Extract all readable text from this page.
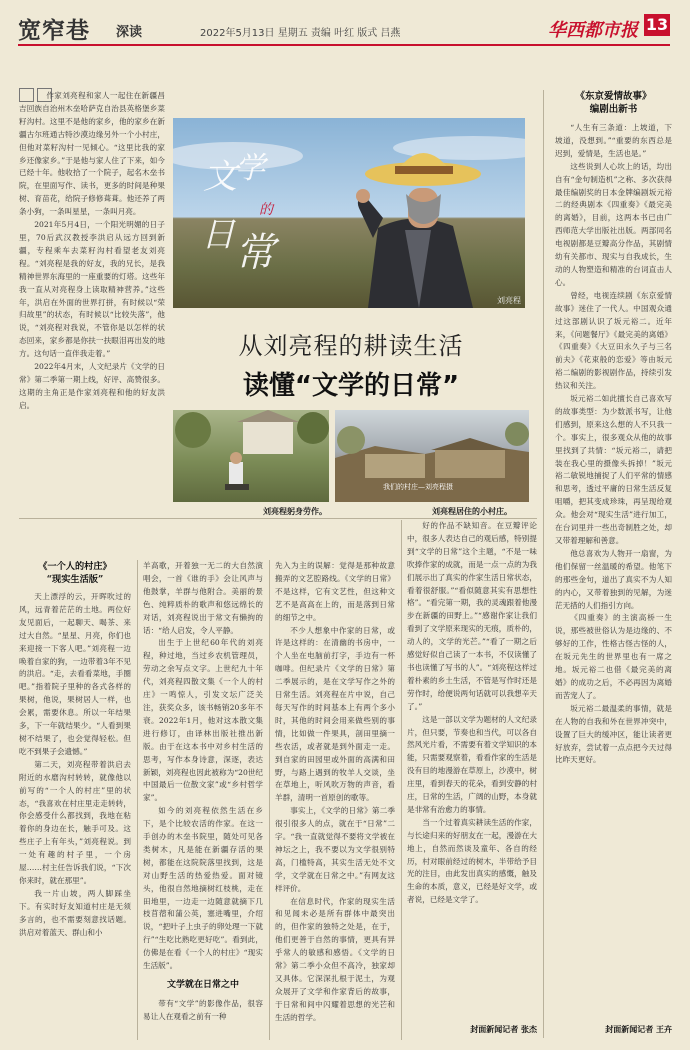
宽窄巷 深读	2022年5月13日 星期五 责编 叶红 版式 吕燕	华西都市报 13

作家刘亮程和家人一起住在新疆昌吉回族自治州木垒哈萨克自治县英格堡乡菜籽沟村。这里不是他的家乡，他的家乡在新疆古尔班通古特沙漠边缘另外一个小村庄，但他对菜籽沟村一见倾心。“这里比我的家乡还像家乡。”于是他与家人住了下来，如今已经十年。他收拾了一个院子，起名木垒书院，在里面写作、读书，更多的时间是种果树、育苗花，给院子修修葺葺。他还养了两条小狗，一条叫星星，一条叫月亮。

2021年5月4日，一个阳光明媚的日子里，70后武汉教授李洪启从远方回到新疆，专程乘车去菜籽沟村看望老友刘亮程。“刘亮程是我的好友，我的兄长，是我精神世界东海里的一座重要的灯塔。这些年我一直从对亮程身上读取精神营养。”这些年，洪启在外面的世界打拼，有时候以“荣归故里”的状态，有时候以“比较失落”，他说，“刘亮程对我说，不管你是以怎样的状态回来，家乡都是你扶一扶眼泪再出发的地方。这句话一直伴我走着。”

2022年4月末，人文纪录片《文学的日常》第二季第一期上线，好评、高赞很多。这期的主角正是作家刘亮程和他的好友洪启。

文
学
的
日 常
刘亮程
从刘亮程的耕读生活
读懂“文学的日常”
我们的村庄—刘亮程摄
刘亮程躬身劳作。	刘亮程居住的小村庄。
《一个人的村庄》
“现实生活版”

天上漂浮的云，开晖吹过的风，远青着茫茫的土地。两位好友见面后，一起聊天、喝茶、来过大自然。“星星、月亮，你们也来迎接一下客人吧。”刘亮程一边唤着自家的狗，一边带着3年不见的洪启。“走，去看看菜地，手圈吧。”指着院子里种的各式各样的果树，他说，果树居人一样，也会累，需要休息。所以一年结果多，下一年就结果少。“人看到果树不结果了，也会觉得轻松。但吃不到果子会遗憾。”

第二天，刘亮程带着洪启去附近的水磨沟村转转，就像他以前写的“一个人的村庄”里的状态，“我喜欢在村庄里走走转转，你会感受什么都找到，我地在粘着你的身边在长，触手可及。这些庄子上有年头，”刘亮程说。到一处有趣的村子里，一个房屋……村主任告诉我们说，“下次你来时，就在那里”。

我一片山坡，两人脚踩坐下。有实时好友知道村庄是无须多言的，也不需要刻意找话题。洪启对着蓝天、群山和小

羊高歌，开着独一无二的大自然演唱会，一首《谁的手》会让风声与他鼓掌，羊群与他附合。美丽的景色、纯粹质朴的歌声和悠远绵长的对话，刘亮程说出于常文有懒拘的话：“给人启发，令人平静。

出生于上世纪60年代的刘亮程，种过地，当过乡农机管理员，劳动之余写点文字。上世纪九十年代，刘亮程四散文集《一个人的村庄》一鸣惊人，引发文坛广泛关注，获奖众多，该书畅销20多年不衰。2022年1月，他对这本散文集进行修订，由译林出版社推出新版。由于在这本书中对乡村生活的思考，写作本身诗意，深逐，表达新颖，刘亮程也因此被称为“20世纪中国最后一位散文家”或“乡村哲学家”。

如今的刘亮程依然生活在乡下，是个比较农活的作家。在这一手创办的木垒书院里，随处可见各类树木，凡是能在新疆存活的果树，都能在这院院落里找到，这是对山野生活的热爱热爱。面对镜头，他很自然地摘树红枝桃，走在田地里，一边走一边随意就摘下几枝苜蓿和蒲公英，塞进嘴里，介绍说，“把叶子上虫子的卵处理一下就行”“生吃比熟吃更好吃”。看到此，仿佛是在看《一个人的村庄》“现实生活版”。

文学就在日常之中

带有“文学”的影像作品，很容易让人在观看之前有一种

先入为主的误解：觉得是那种故意搬弄的文艺腔路线。《文学的日常》不是这样，它有文艺性，但这种文艺不是高高在上的，而是落到日常的细节之中。

不少人想象中作家的日常，或许是这样的：在清幽的书房中，一个人坐在电脑前打字，手边有一杯咖啡。但纪录片《文学的日常》第二季展示的，是在文学写作之外的日常生活。刘亮程在片中说，自己每天写作的时间基本上有两个多小时，其他的时间会用来做些别的事情，比如做一件果具，剖田里摘一些农活，或者就是到外面走一走。到自家的田园里或外面的高满和田野，与路上遇到的牧羊人交谈，坐在草地上，听风吹万物的声音，看羊群，清明一首原创的歌等。

事实上，《文学的日常》第二季很引很多人的点，就在于“日常”二字。“我一直就觉得不要将文学被在神坛之上，我不要以为文学很别特高，门槛特高，其实生活无处不文学，文学就在日常之中。”有网友这样评价。

在信息时代，作家的现实生活和见闻未必是所有群体中最突出的，但作家的独特之处是，在于，他们更善于自然的事情，更具有异乎常人的敏感和感悟。《文学的日常》第二季小众但不高冷，独家却又具体。它深深扎根于泥土，为观众展开了文学和作家背后的故事，于日常和间中闪耀着思想的光芒和生活的哲学。

好的作品不缺知音。在豆瓣评论中，很多人表达自己的观后感，特别提到“文学的日常”这个主题，“不是一味吹捧作家的成就，而是一点一点的为我们展示出了真实的作家生活日常状态，看着很舒服。”“看似随意其实有思想性格”。“看完第一期，我的灵魂跟着他漫步在新疆的田野上。”“感谢作家让我们看到了文学原来现实的无痕，质朴的，动人的，文学的光芒。”“看了一期之后感觉好似自己读了一本书，不仅读懂了书也读懂了写书的人”。“刘亮程这样过着朴素的乡土生活，不管是写作时还是劳作时，给便说两句话就可以我想辛天了。”

这是一部以文学为题材的人文纪录片，但只要，节奏也和当代，可以各自然风光片看，不需要有着文学知识的本能，只需要观察着，看看作家的生活是没有目的地漫游在草原上，沙漠中，树庄里，看到春天的花朵，看到安静的村庄，日常的生活，广阔的山野，本身就是非常有治愈力的事情。

当一个过着真实耕读生活的作家，与长途归来的好朋友在一起，漫游在大地上，自然而然谈及童年、各自的经历，村对眼前经过的树木，半带给予目光的注目，由此发出真实的感慨，触及生命的本质，意义，已经是好文学，或者说，已经是文学了。

封面新闻记者 张杰
《东京爱情故事》
编剧出新书

“人生有三条道：上坡道，下坡道，没想到。”“重要的东西总是迟到，爱情是，生活也是。”

这些说到人心坎上的话，均出自有“金句制造机”之称、多次获得最佳编剧奖的日本金牌编剧坂元裕二的经典剧本《四重奏》《最完美的离婚》，目前，这两本书已由广西师范大学出版社出版。两部同名电视剧都是豆瓣高分作品，其剧情幼有关都市、现实与自我成长，生动的人物塑造和精准的台词直击人心。

曾经，电视连续剧《东京爱情故事》迷住了一代人。中国观众通过这部剧认识了坂元裕二。近年来，《问题餐厅》《最完美的离婚》《四重奏》《大豆田永久子与三名前夫》《花束般的恋爱》等由坂元裕二编剧的影视剧作品，持续引发热议和关注。

坂元裕二如此擅长自己喜欢写的故事类型：为少数派书写，让他们感到，原来这么想的人不只我一个。事实上，很多观众从他的故事里找到了共情：“坂元裕二，请把装在我心里的摄像头拆掉！”坂元裕二敏锐地捕捉了人们平常的情感和思考，透过平庸的日常生活反复咀嚼，把其变成珍珠，再呈现给观众。他会对“现实生活”进行加工，在台词里并一些出奇制胜之处，却又带着理解和善意。

他总喜欢为人物开一扇窗，为他们保留一丝温暖的希望。他笔下的那些金句，道出了真实不为人知的内心，又带着独到的见解，为迷茫无措的人们指引方向。

《四重奏》的主演高桥一生说，那些被世俗认为是边缘的、不够好的工作，性格古怪古怪的人，在坂元先生的世界里也有一席之地。坂元裕二也借《最完美的离婚》的成功之后，不必再因为离婚而苦宠人了。

坂元裕二最温柔的事情，就是在人物的自我和外在世界冲突中，设置了巨大的缓冲区，能让读者更好放弃，尝试着一点点把今天过得比昨天更好。

封面新闻记者 王卉
